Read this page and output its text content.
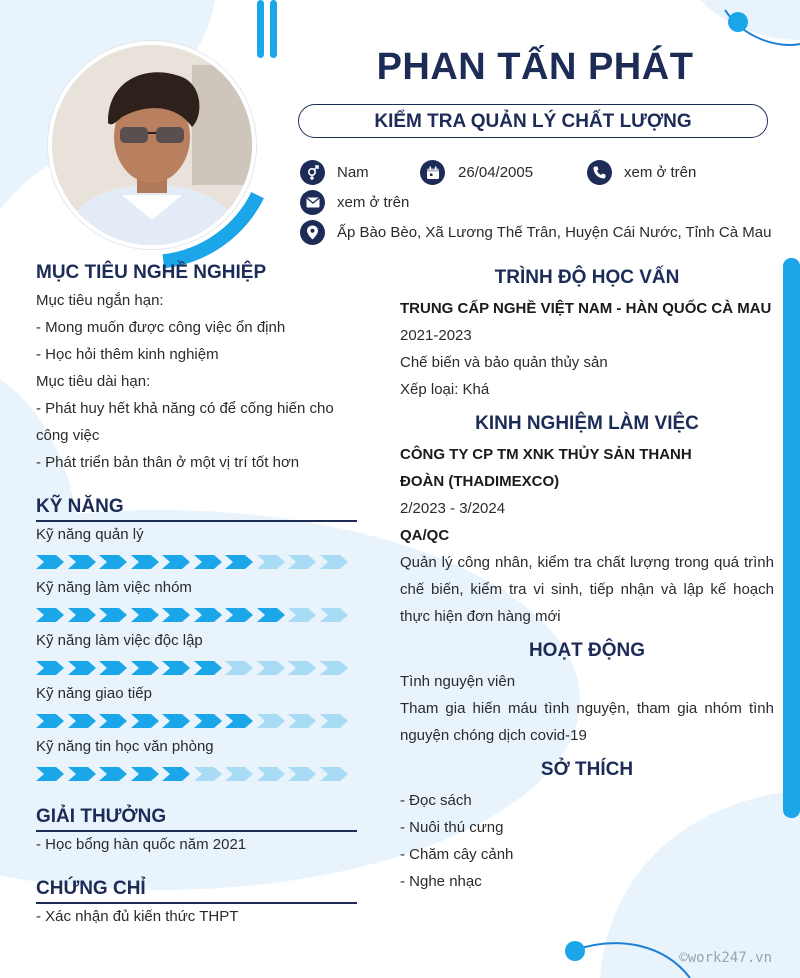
PHAN TẤN PHÁT
KIỂM TRA QUẢN LÝ CHẤT LƯỢNG
Nam	26/04/2005	xem ở trên
xem ở trên
Ấp Bào Bèo, Xã Lương Thế Trân, Huyện Cái Nước, Tỉnh Cà Mau
MỤC TIÊU NGHỀ NGHIỆP
Mục tiêu ngắn hạn:
- Mong muốn được công việc ổn định
- Học hỏi thêm kinh nghiệm
Mục tiêu dài hạn:
- Phát huy hết khả năng có để cống hiến cho
công việc
- Phát triển bản thân ở một vị trí tốt hơn
KỸ NĂNG
Kỹ năng quản lý
Kỹ năng làm việc nhóm
Kỹ năng làm việc độc lập
Kỹ năng giao tiếp
Kỹ năng tin học văn phòng
GIẢI THƯỞNG
- Học bổng hàn quốc năm 2021
CHỨNG CHỈ
- Xác nhận đủ kiến thức THPT
TRÌNH ĐỘ HỌC VẤN
TRUNG CẤP NGHỀ VIỆT NAM - HÀN QUỐC CÀ MAU
2021-2023
Chế biến và bảo quản thủy sản
Xếp loại: Khá
KINH NGHIỆM LÀM VIỆC
CÔNG TY CP TM XNK THỦY SẢN THANH ĐOÀN (THADIMEXCO)
2/2023 - 3/2024
QA/QC
Quản lý công nhân, kiểm tra chất lượng trong quá trình chế biến, kiểm tra vi sinh, tiếp nhận và lập kế hoạch thực hiện đơn hàng mới
HOẠT ĐỘNG
Tình nguyện viên
Tham gia hiến máu tình nguyện, tham gia nhóm tình nguyện chóng dịch covid-19
SỞ THÍCH
- Đọc sách
- Nuôi thú cưng
- Chăm cây cảnh
- Nghe nhạc
©work247.vn
